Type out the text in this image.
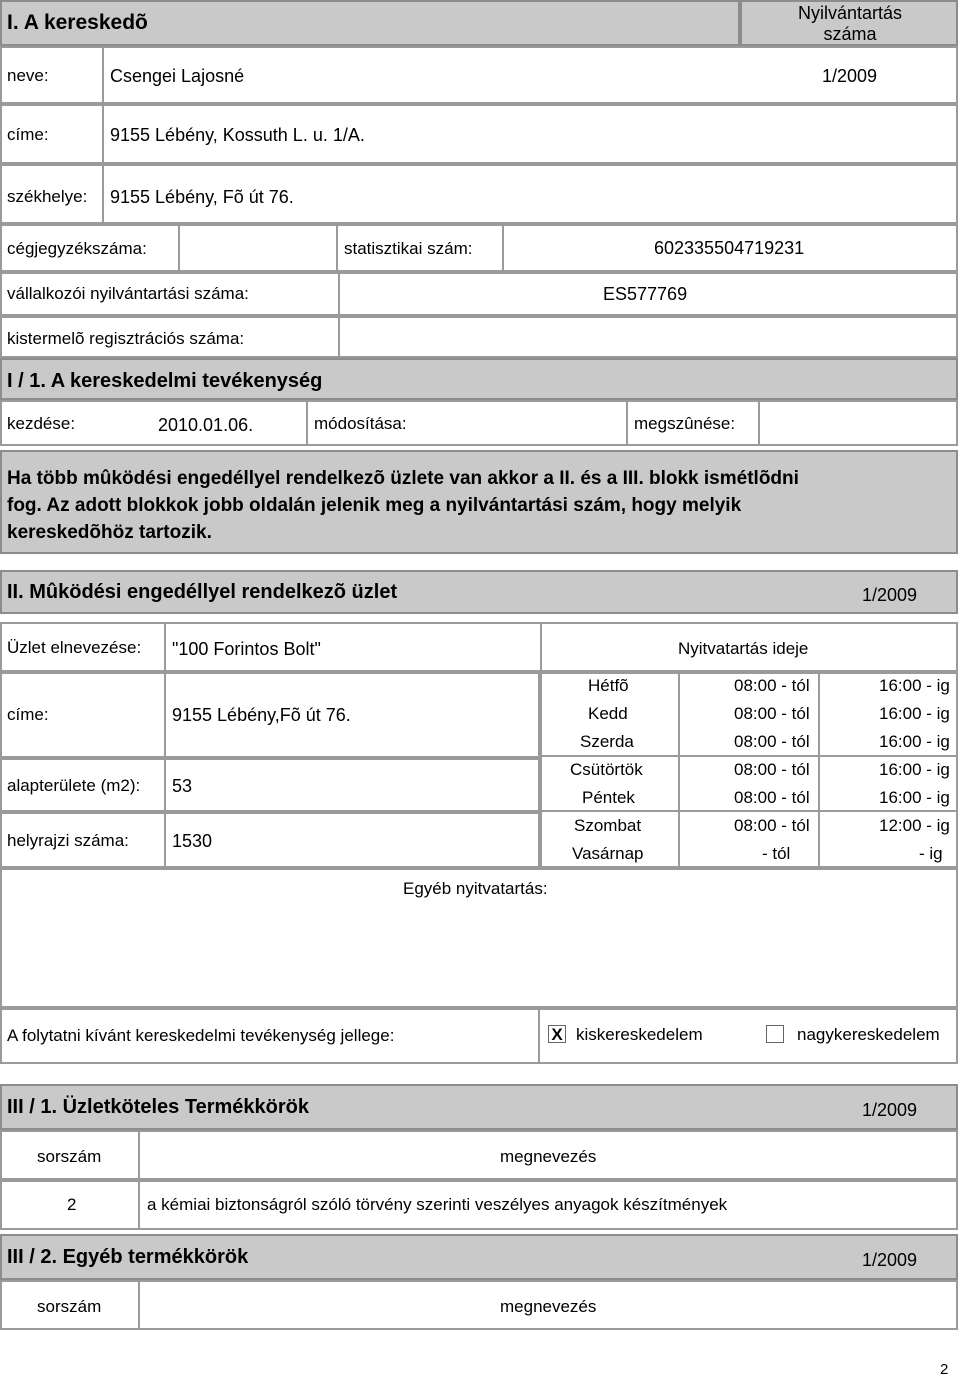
I. A kereskedõ	Nyilvántartás száma
neve:	Csengei Lajosné	1/2009
címe:	9155 Lébény, Kossuth L. u. 1/A.
székhelye: 9155 Lébény, Fõ út 76.
cégjegyzékszáma:	statisztikai szám:	602335504719231
vállalkozói nyilvántartási száma:	ES577769
kistermelõ regisztrációs száma:
I / 1. A kereskedelmi tevékenység
kezdése:	2010.01.06.	módosítása:	megszûnése:
Ha több mûködési engedéllyel rendelkezõ üzlete van akkor a II. és a III. blokk ismétlõdni
fog. Az adott blokkok jobb oldalán jelenik meg a nyilvántartási szám, hogy melyik
kereskedõhöz tartozik.
II. Mûködési engedéllyel rendelkezõ üzlet	1/2009
Üzlet elnevezése: "100 Forintos Bolt"	Nyitvatartás ideje
címe:	9155 Lébény,Fõ út 76.
alapterülete (m2): 53
helyrajzi száma: 1530
Hétfõ	08:00 - tól	16:00 - ig
Kedd	08:00 - tól	16:00 - ig
Szerda	08:00 - tól	16:00 - ig
Csütörtök	08:00 - tól	16:00 - ig
Péntek	08:00 - tól	16:00 - ig
Szombat	08:00 - tól	12:00 - ig
Vasárnap	- tól	- ig
Egyéb nyitvatartás:
A folytatni kívánt kereskedelmi tevékenység jellege:	X kiskereskedelem	nagykereskedelem
III / 1. Üzletköteles Termékkörök	1/2009
sorszám	megnevezés
2	a kémiai biztonságról szóló törvény szerinti veszélyes anyagok készítmények
III / 2. Egyéb termékkörök	1/2009
sorszám	megnevezés
2
